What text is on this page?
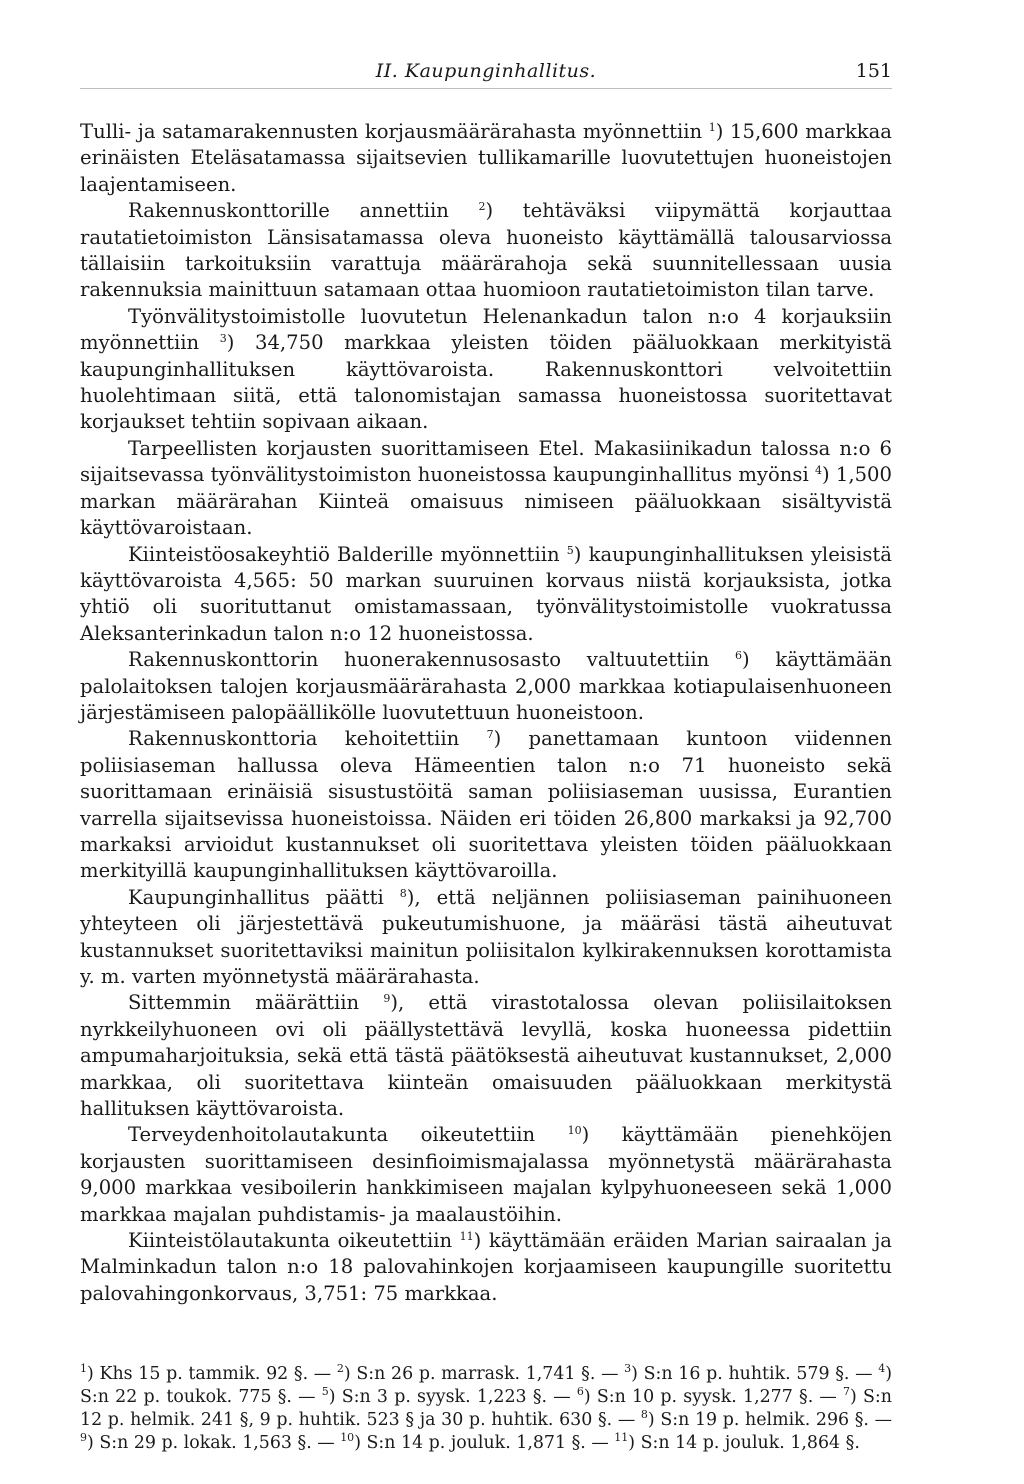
II. Kaupunginhallitus.	151

Tulli- ja satamarakennusten korjausmäärärahasta myönnettiin $^1$) 15,600 markkaa erinäisten Eteläsatamassa sijaitsevien tullikamarille luovutettujen huoneistojen laajentamiseen.

Rakennuskonttorille annettiin $^2$) tehtäväksi viipymättä korjauttaa rautatietoimiston Länsisatamassa oleva huoneisto käyttämällä talousarviossa tällaisiin tarkoituksiin varattuja määrärahoja sekä suunnitellessaan uusia rakennuksia mainittuun satamaan ottaa huomioon rautatietoimiston tilan tarve.

Työnvälitystoimistolle luovutetun Helenankadun talon n:o 4 korjauksiin myönnettiin $^3$) 34,750 markkaa yleisten töiden pääluokkaan merkityistä kaupunginhallituksen käyttövaroista. Rakennuskonttori velvoitettiin huolehtimaan siitä, että talonomistajan samassa huoneistossa suoritettavat korjaukset tehtiin sopivaan aikaan.

Tarpeellisten korjausten suorittamiseen Etel. Makasiinikadun talossa n:o 6 sijaitsevassa työnvälitystoimiston huoneistossa kaupunginhallitus myönsi $^4$) 1,500 markan määrärahan Kiinteä omaisuus nimiseen pääluokkaan sisältyvistä käyttövaroistaan.

Kiinteistöosakeyhtiö Balderille myönnettiin $^5$) kaupunginhallituksen yleisistä käyttövaroista 4,565: 50 markan suuruinen korvaus niistä korjauksista, jotka yhtiö oli suorituttanut omistamassaan, työnvälitystoimistolle vuokratussa Aleksanterinkadun talon n:o 12 huoneistossa.

Rakennuskonttorin huonerakennusosasto valtuutettiin $^6$) käyttämään palolaitoksen talojen korjausmäärärahasta 2,000 markkaa kotiapulaisenhuoneen järjestämiseen palopäällikölle luovutettuun huoneistoon.

Rakennuskonttoria kehoitettiin $^7$) panettamaan kuntoon viidennen poliisiaseman hallussa oleva Hämeentien talon n:o 71 huoneisto sekä suorittamaan erinäisiä sisustustöitä saman poliisiaseman uusissa, Eurantien varrella sijaitsevissa huoneistoissa. Näiden eri töiden 26,800 markaksi ja 92,700 markaksi arvioidut kustannukset oli suoritettava yleisten töiden pääluokkaan merkityillä kaupunginhallituksen käyttövaroilla.

Kaupunginhallitus päätti $^8$), että neljännen poliisiaseman painihuoneen yhteyteen oli järjestettävä pukeutumishuone, ja määräsi tästä aiheutuvat kustannukset suoritettaviksi mainitun poliisitalon kylkirakennuksen korottamista y. m. varten myönnetystä määrärahasta.

Sittemmin määrättiin $^9$), että virastotalossa olevan poliisilaitoksen nyrkkeilyhuoneen ovi oli päällystettävä levyllä, koska huoneessa pidettiin ampumaharjoituksia, sekä että tästä päätöksestä aiheutuvat kustannukset, 2,000 markkaa, oli suoritettava kiinteän omaisuuden pääluokkaan merkitystä hallituksen käyttövaroista.

Terveydenhoitolautakunta oikeutettiin $^{10}$) käyttämään pienehköjen korjausten suorittamiseen desinfioimismajalassa myönnetystä määrärahasta 9,000 markkaa vesiboilerin hankkimiseen majalan kylpyhuoneeseen sekä 1,000 markkaa majalan puhdistamis- ja maalaustöihin.

Kiinteistölautakunta oikeutettiin $^{11}$) käyttämään eräiden Marian sairaalan ja Malminkadun talon n:o 18 palovahinkojen korjaamiseen kaupungille suoritettu palovahingonkorvaus, 3,751: 75 markkaa.

$^1$) Khs 15 p. tammik. 92 §. — $^2$) S:n 26 p. marrask. 1,741 §. — $^3$) S:n 16 p. huhtik. 579 §. — $^4$) S:n 22 p. toukok. 775 §. — $^5$) S:n 3 p. syysk. 1,223 §. — $^6$) S:n 10 p. syysk. 1,277 §. — $^7$) S:n 12 p. helmik. 241 §, 9 p. huhtik. 523 § ja 30 p. huhtik. 630 §. — $^8$) S:n 19 p. helmik. 296 §. — $^9$) S:n 29 p. lokak. 1,563 §. — $^{10}$) S:n 14 p. jouluk. 1,871 §. — $^{11}$) S:n 14 p. jouluk. 1,864 §.
